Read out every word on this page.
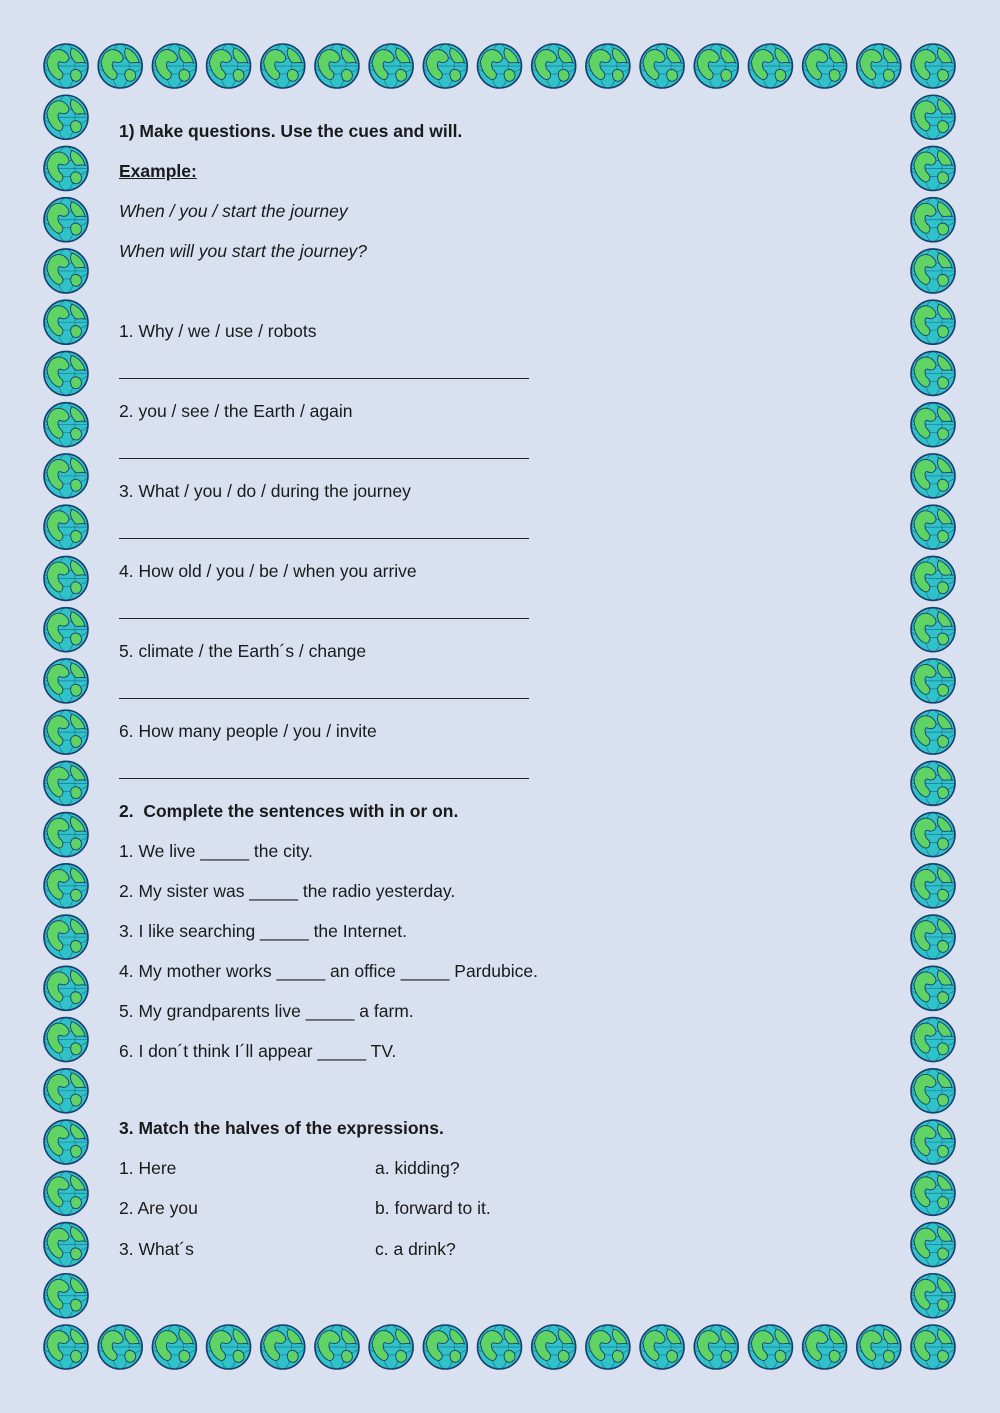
1) Make questions. Use the cues and will.
Example:
When / you / start the journey
When will you start the journey?
1. Why / we / use / robots
2. you / see / the Earth / again
3. What / you / do / during the journey
4. How old / you / be / when you arrive
5. climate / the Earth´s / change
6. How many people / you / invite
2.  Complete the sentences with in or on.
1. We live _____ the city.
2. My sister was _____ the radio yesterday.
3. I like searching _____ the Internet.
4. My mother works _____ an office _____ Pardubice.
5. My grandparents live _____ a farm.
6. I don´t think I´ll appear _____ TV.
3. Match the halves of the expressions.
1. Here	a. kidding?
2. Are you	b. forward to it.
3. What´s	c. a drink?
